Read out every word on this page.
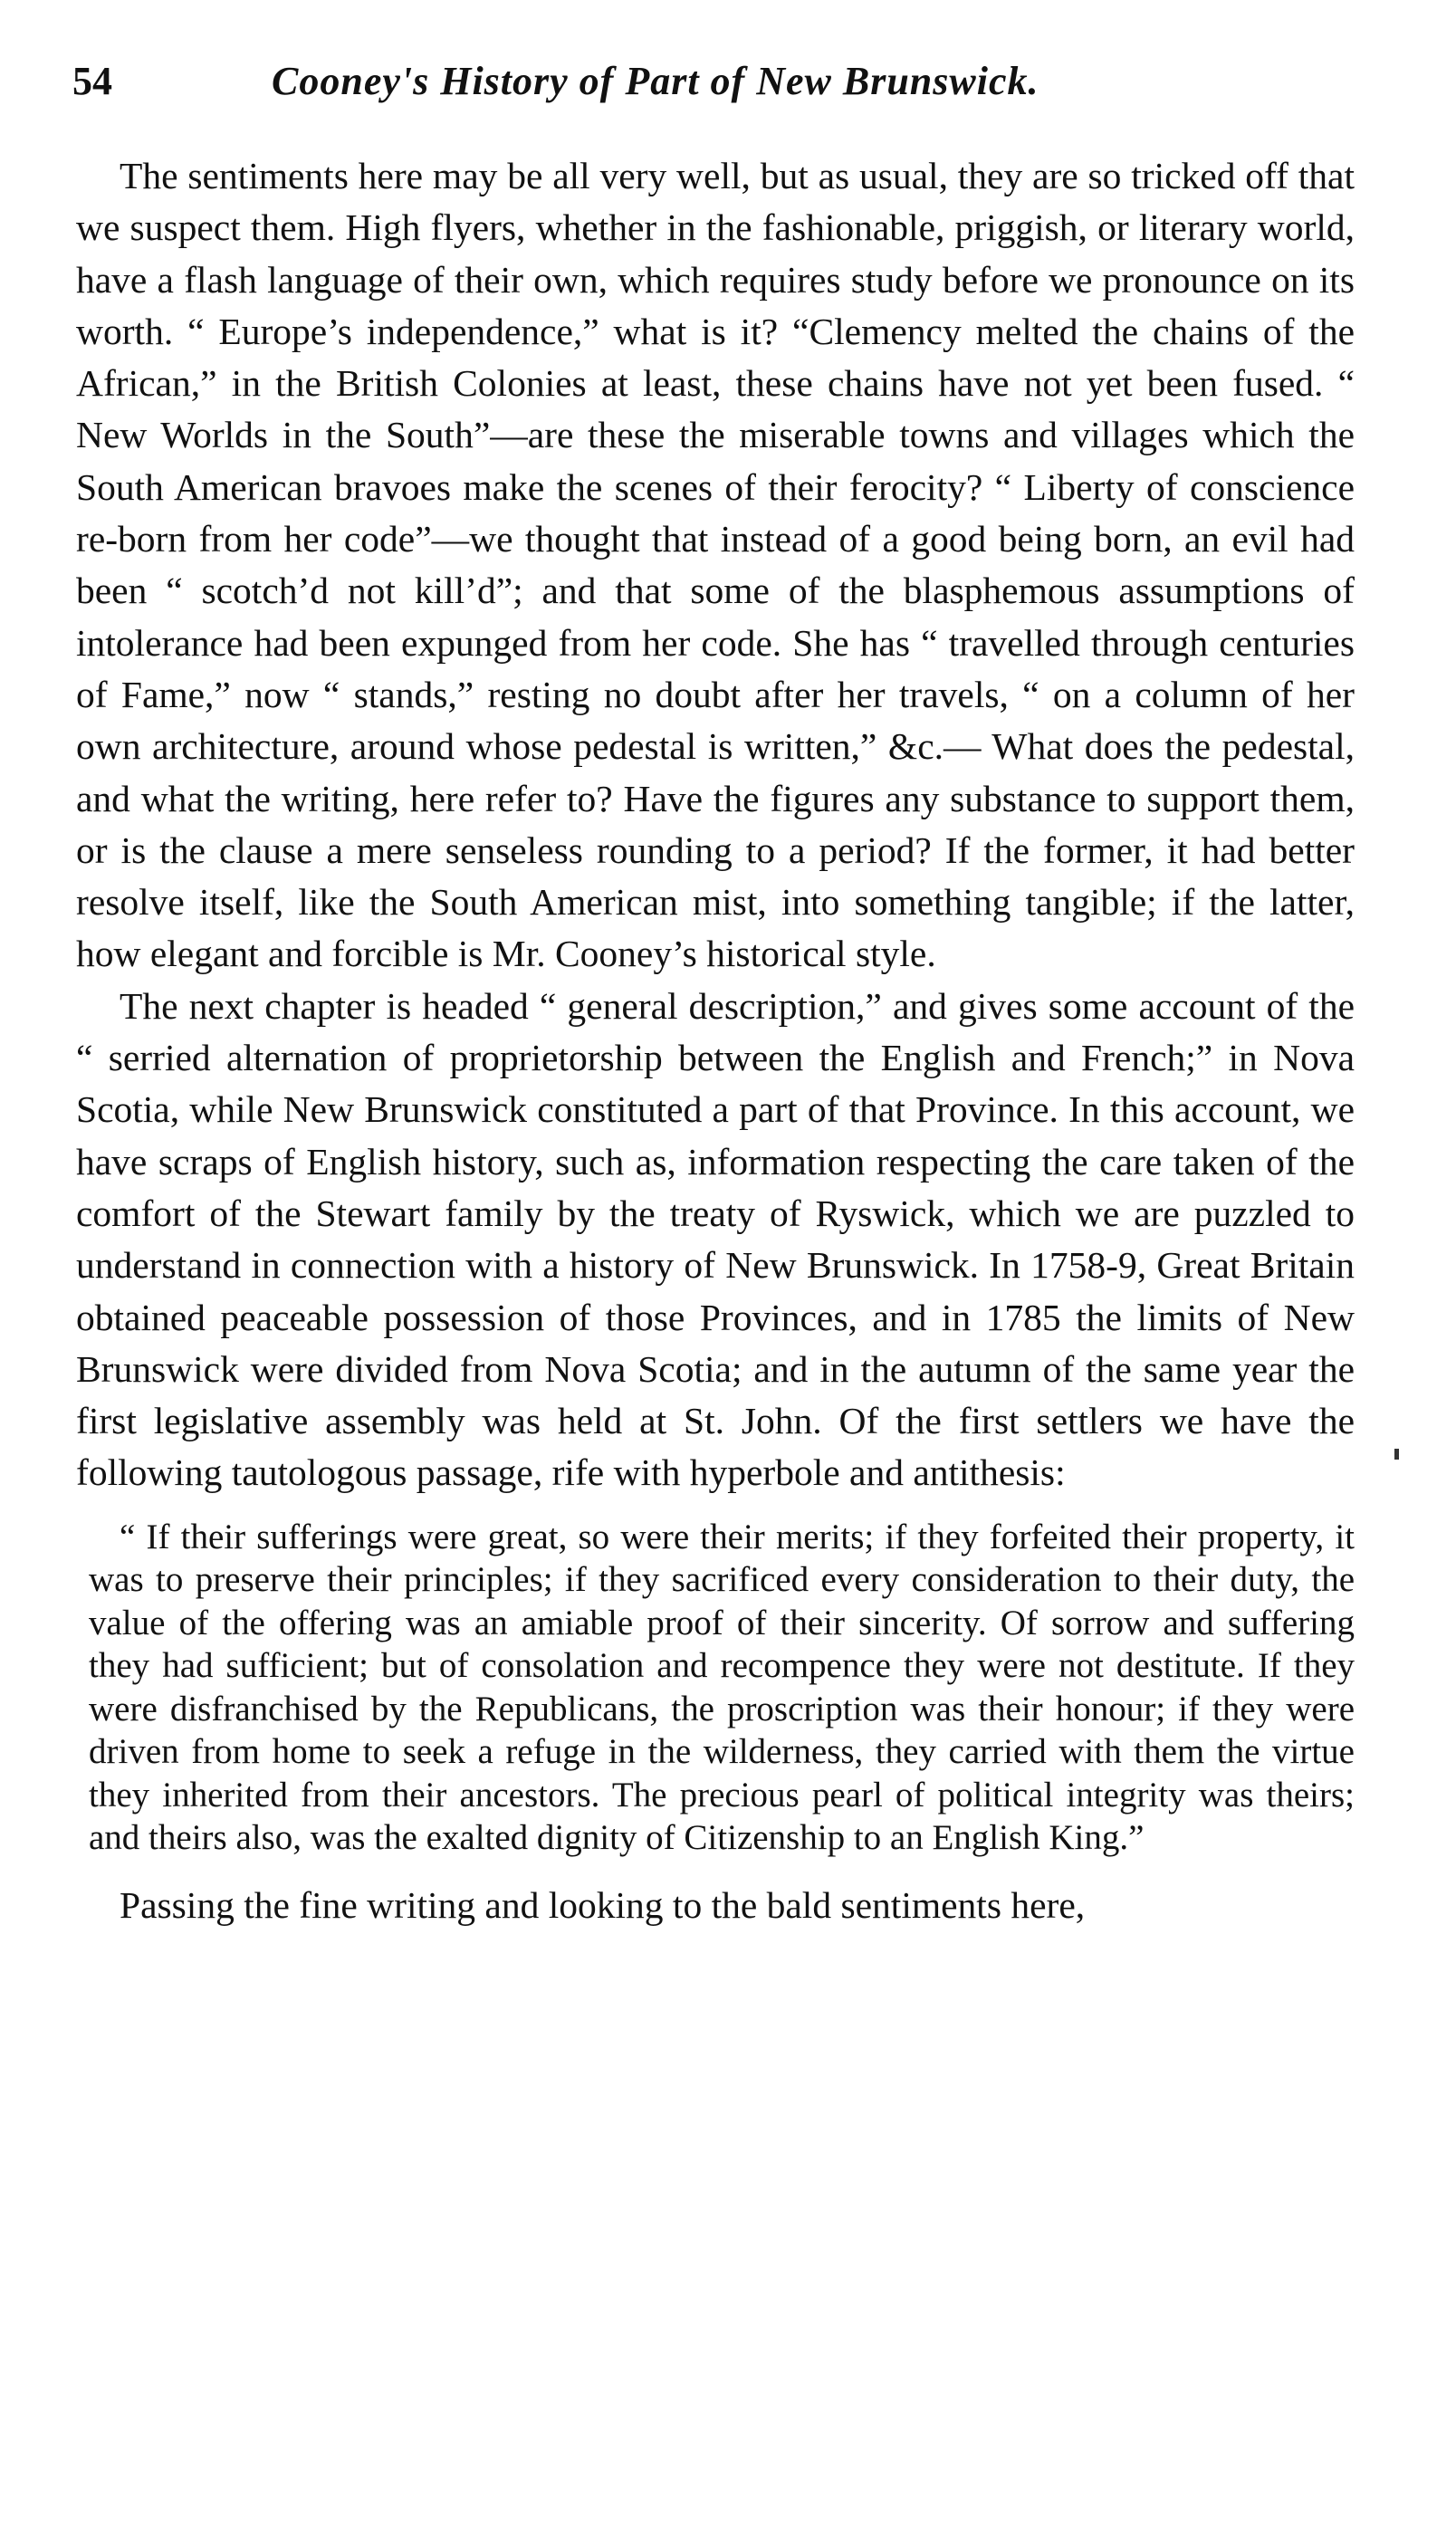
54	Cooney's History of Part of New Brunswick.

The sentiments here may be all very well, but as usual, they are so tricked off that we suspect them. High flyers, whether in the fashionable, priggish, or literary world, have a flash language of their own, which requires study before we pronounce on its worth. “ Europe’s independence,” what is it? “Clemency melted the chains of the African,” in the British Colonies at least, these chains have not yet been fused. “ New Worlds in the South”—are these the miserable towns and villages which the South American bravoes make the scenes of their ferocity? “ Liberty of conscience re-born from her code”—we thought that instead of a good being born, an evil had been “ scotch’d not kill’d”; and that some of the blasphemous assumptions of intolerance had been expunged from her code. She has “ travelled through centuries of Fame,” now “ stands,” resting no doubt after her travels, “ on a column of her own architecture, around whose pedestal is written,” &c.— What does the pedestal, and what the writing, here refer to? Have the figures any substance to support them, or is the clause a mere senseless rounding to a period? If the former, it had better resolve itself, like the South American mist, into something tangible; if the latter, how elegant and forcible is Mr. Cooney’s historical style.

The next chapter is headed “ general description,” and gives some account of the “ serried alternation of proprietorship between the English and French;” in Nova Scotia, while New Brunswick constituted a part of that Province. In this account, we have scraps of English history, such as, information respecting the care taken of the comfort of the Stewart family by the treaty of Ryswick, which we are puzzled to understand in connection with a history of New Brunswick. In 1758-9, Great Britain obtained peaceable possession of those Provinces, and in 1785 the limits of New Brunswick were divided from Nova Scotia; and in the autumn of the same year the first legislative assembly was held at St. John. Of the first settlers we have the following tautologous passage, rife with hyperbole and antithesis:

“ If their sufferings were great, so were their merits; if they forfeited their property, it was to preserve their principles; if they sacrificed every consideration to their duty, the value of the offering was an amiable proof of their sincerity. Of sorrow and suffering they had sufficient; but of consolation and recompence they were not destitute. If they were disfranchised by the Republicans, the proscription was their honour; if they were driven from home to seek a refuge in the wilderness, they carried with them the virtue they inherited from their ancestors. The precious pearl of political integrity was theirs; and theirs also, was the exalted dignity of Citizenship to an English King.”

Passing the fine writing and looking to the bald sentiments here,
